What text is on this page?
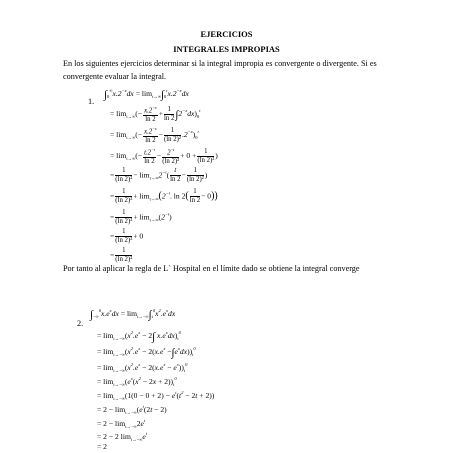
EJERCICIOS
INTEGRALES IMPROPIAS
En los siguientes ejercicios determinar si la integral impropia es convergente o divergente. Si es convergente evaluar la integral.
1.
$\int_0^\infty x.2^{-x}dx = \lim_{t\to\infty}\int_0^tx.2^{-x}dx$
= $\lim_{t\to\infty}(- \frac{x.2^{-x}}{\ln 2} + \frac{1}{\ln 2} \int 2^{-x}dx)_0^t$
= $\lim_{t\to\infty}(- \frac{x.2^{-x}}{\ln 2} - \frac{1}{\text{(ln 2)²}} .2^{-x})_0^t$
= $\lim_{t\to\infty}(- \frac{t.2^{-t}}{\ln 2} - \frac{2^{-t}}{\text{(ln 2)²}} + 0 + \frac{1}{\text{(ln 2)²}}$ )
= $\frac{1}{\text{(ln 2)²}} - \lim_{t\to\infty}2^{-t}( \frac{t}{\ln 2} - \frac{1}{\text{(ln 2)²}}$ )
= $\frac{1}{\text{(ln 2)²}} + \lim_{t\to\infty}(2^{-t}$. $\ln 2( \frac{1}{\ln 2} - 0)$)
= $\frac{1}{\text{(ln 2)²}} + \lim_{t\to\infty}(2^{-t})$
= $\frac{1}{\text{(ln 2)²}} + 0$
= $\frac{1}{\text{(ln 2)²}}$
Por tanto al aplicar la regla de L` Hospital en el límite dado se obtiene la integral converge
2.
$\int_{-\infty}^0x.e^xdx = \lim_{t\to-\infty}\int_t^0x^2.e^xdx$
= $\lim_{t\to-\infty}(x^2.e^x - 2\int$ $x.e^xdx)_t^0$
= $\lim_{t\to-\infty}(x^2.e^x - 2(x.e^x -\int e^xdx))_t^0$
= $\lim_{t\to-\infty}(x^2.e^x - 2(x.e^x - e^x))_t^0$
= $\lim_{t\to-\infty}(e^x(x^2 - 2x + 2))_t^0$
= $\lim_{t\to-\infty}(1(0 - 0 + 2) - e^t(t^2 - 2t + 2))$
= $2 - \lim_{t\to-\infty}(e^t(2t - 2)$
= $2 - \lim_{t\to-\infty}2e^t$
= 2 − 2 $\lim_{t\to-\infty}e^t$
= 2
